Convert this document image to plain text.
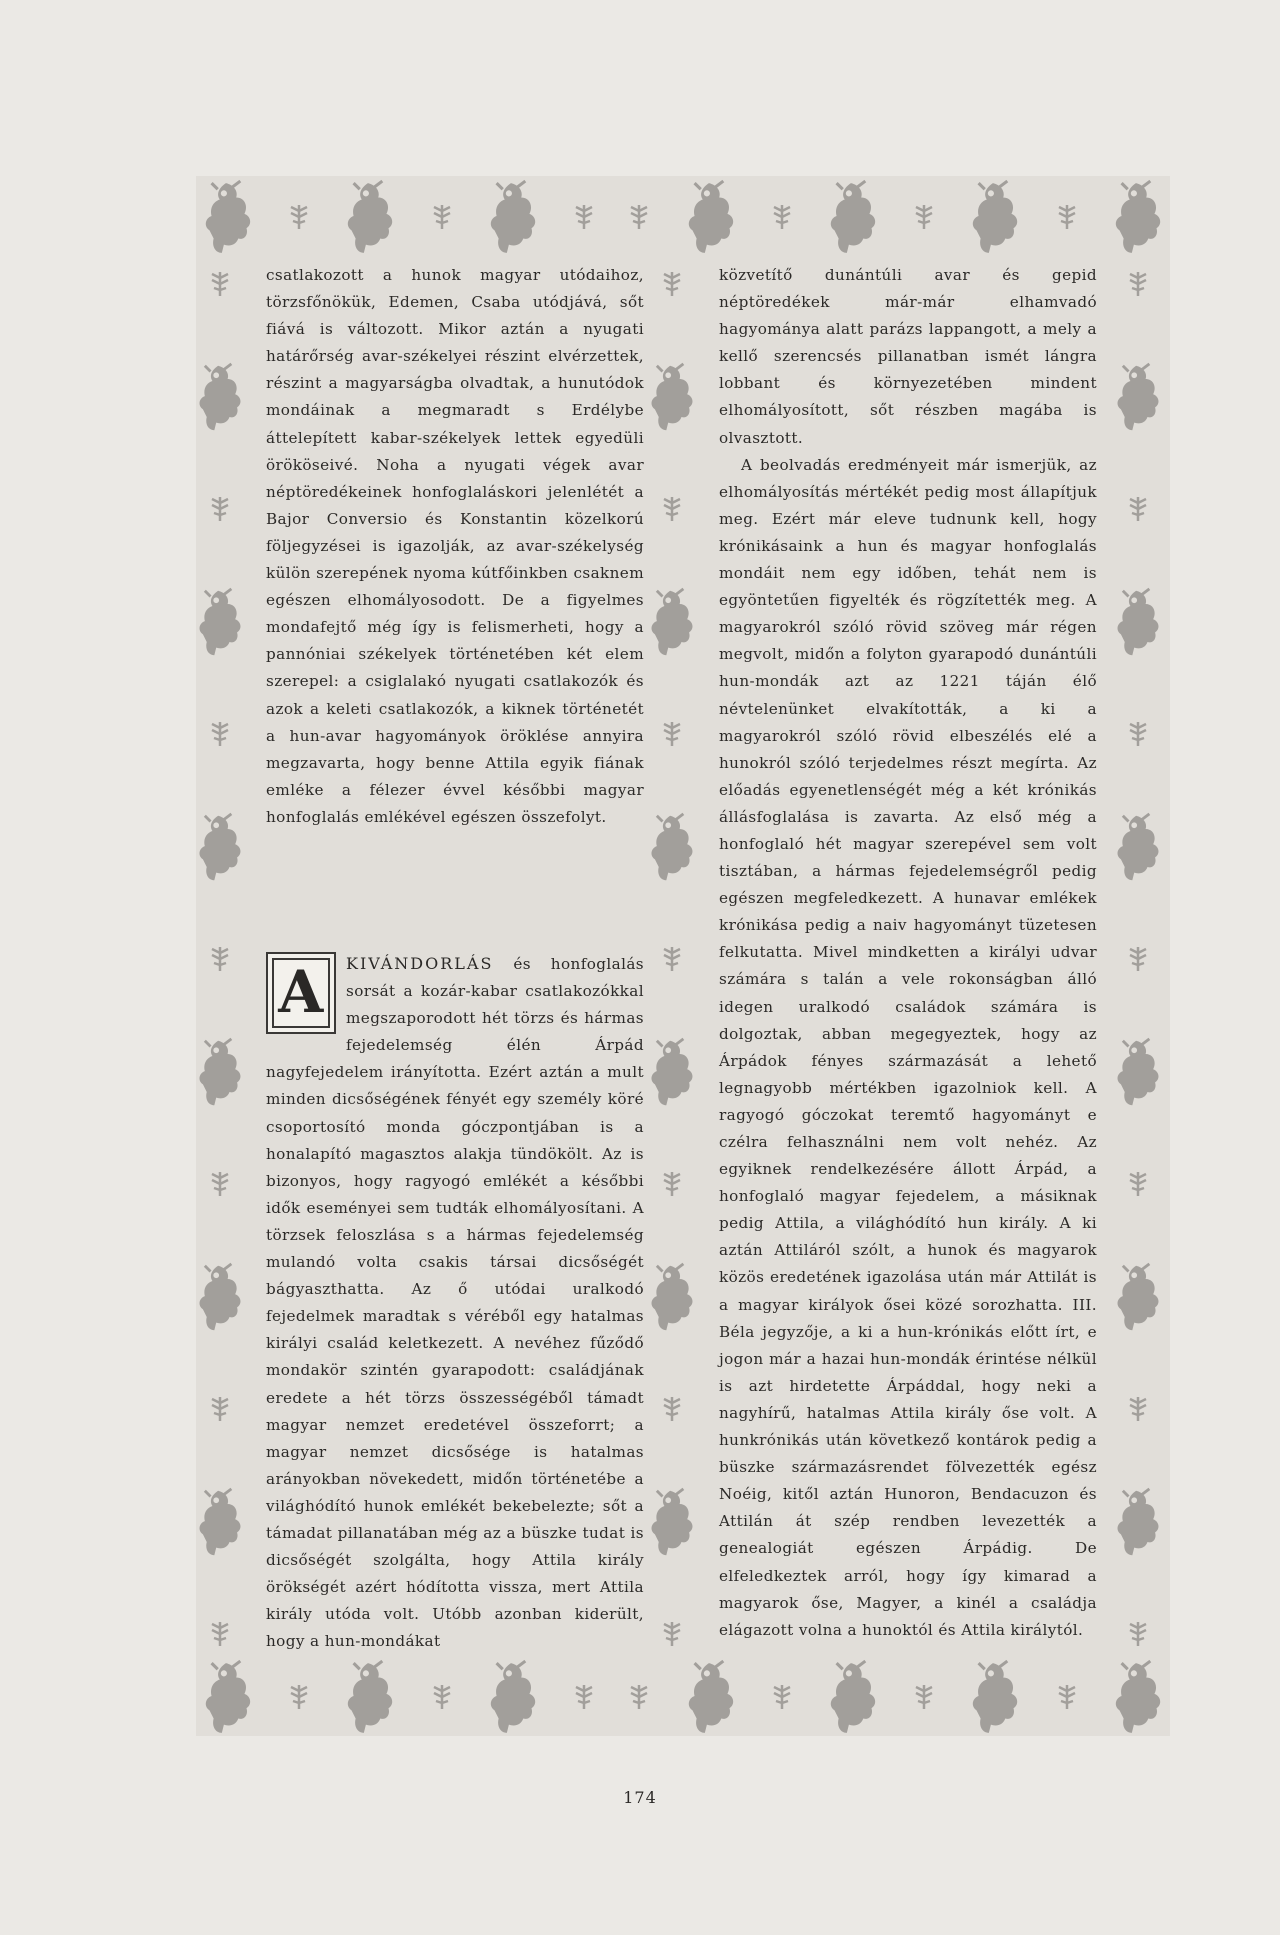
csatlakozott a hunok magyar utódaihoz, törzsfőnökük, Edemen, Csaba utódjává, sőt fiává is változott. Mikor aztán a nyugati határőrség avar-székelyei részint elvérzettek, részint a magyarságba olvadtak, a hunutódok mondáinak a megmaradt s Erdélybe áttelepített kabar-székelyek lettek egyedüli örököseivé. Noha a nyugati végek avar néptöredékeinek honfoglaláskori jelenlétét a Bajor Conversio és Konstantin közelkorú följegyzései is igazolják, az avar-székelység külön szerepének nyoma kútfőinkben csaknem egészen elhomályosodott. De a figyelmes mondafejtő még így is felismerheti, hogy a pannóniai székelyek történetében két elem szerepel: a csiglalakó nyugati csatlakozók és azok a keleti csatlakozók, a kiknek történetét a hun-avar hagyományok öröklése annyira megzavarta, hogy benne Attila egyik fiának emléke a félezer évvel későbbi magyar honfoglalás emlékével egészen összefolyt.

A	KIVÁNDORLÁS és honfoglalás sorsát a kozár-kabar csatlakozókkal megszaporodott hét törzs és hármas fejedelemség élén Árpád nagyfejedelem irányította. Ezért aztán a mult minden dicsőségének fényét egy személy köré csoportosító monda góczpontjában is a honalapító magasztos alakja tündökölt. Az is bizonyos, hogy ragyogó emlékét a későbbi idők eseményei sem tudták elhomályosítani. A törzsek feloszlása s a hármas fejedelemség mulandó volta csakis társai dicsőségét bágyaszthatta. Az ő utódai uralkodó fejedelmek maradtak s véréből egy hatalmas királyi család keletkezett. A nevéhez fűződő mondakör szintén gyarapodott: családjának eredete a hét törzs összességéből támadt magyar nemzet eredetével összeforrt; a magyar nemzet dicsősége is hatalmas arányokban növekedett, midőn történetébe a világhódító hunok emlékét bekebelezte; sőt a támadat pillanatában még az a büszke tudat is dicsőségét szolgálta, hogy Attila király örökségét azért hódította vissza, mert Attila király utóda volt. Utóbb azonban kiderült, hogy a hun-mondákat

közvetítő dunántúli avar és gepid néptöredékek már-már elhamvadó hagyománya alatt parázs lappangott, a mely a kellő szerencsés pillanatban ismét lángra lobbant és környezetében mindent elhomályosított, sőt részben magába is olvasztott.

A beolvadás eredményeit már ismerjük, az elhomályosítás mértékét pedig most állapítjuk meg. Ezért már eleve tudnunk kell, hogy krónikásaink a hun és magyar honfoglalás mondáit nem egy időben, tehát nem is egyöntetűen figyelték és rögzítették meg. A magyarokról szóló rövid szöveg már régen megvolt, midőn a folyton gyarapodó dunántúli hun-mondák azt az 1221 táján élő névtelenünket elvakították, a ki a magyarokról szóló rövid elbeszélés elé a hunokról szóló terjedelmes részt megírta. Az előadás egyenetlenségét még a két krónikás állásfoglalása is zavarta. Az első még a honfoglaló hét magyar szerepével sem volt tisztában, a hármas fejedelemségről pedig egészen megfeledkezett. A hunavar emlékek krónikása pedig a naiv hagyományt tüzetesen felkutatta. Mivel mindketten a királyi udvar számára s talán a vele rokonságban álló idegen uralkodó családok számára is dolgoztak, abban megegyeztek, hogy az Árpádok fényes származását a lehető legnagyobb mértékben igazolniok kell. A ragyogó góczokat teremtő hagyományt e czélra felhasználni nem volt nehéz. Az egyiknek rendelkezésére állott Árpád, a honfoglaló magyar fejedelem, a másiknak pedig Attila, a világhódító hun király. A ki aztán Attiláról szólt, a hunok és magyarok közös eredetének igazolása után már Attilát is a magyar királyok ősei közé sorozhatta. III. Béla jegyzője, a ki a hun-krónikás előtt írt, e jogon már a hazai hun-mondák érintése nélkül is azt hirdetette Árpáddal, hogy neki a nagyhírű, hatalmas Attila király őse volt. A hunkrónikás után következő kontárok pedig a büszke származásrendet fölvezették egész Noéig, kitől aztán Hunoron, Bendacuzon és Attilán át szép rendben levezették a genealogiát egészen Árpádig. De elfeledkeztek arról, hogy így kimarad a magyarok őse, Magyer, a kinél a családja elágazott volna a hunoktól és Attila királytól.

174
